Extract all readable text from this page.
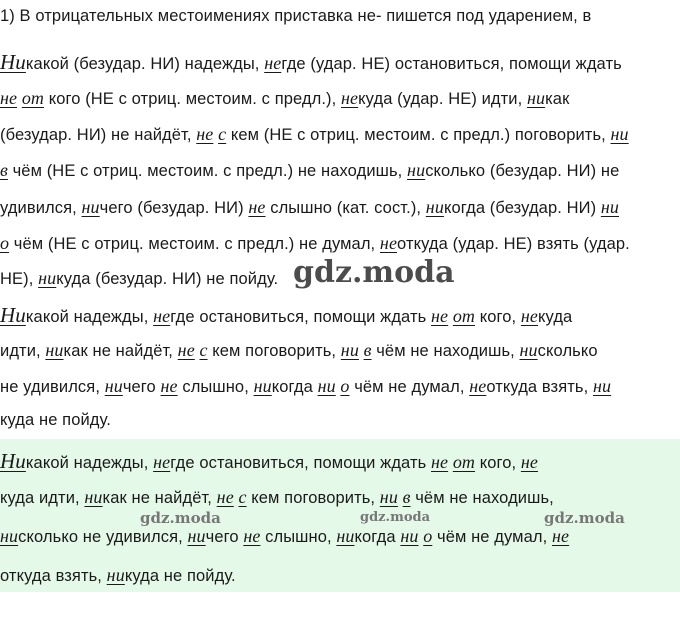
1) В отрицательных местоимениях приставка не- пишется под ударением, в
Никакой (безудар. НИ) надежды, негде (удар. НЕ) остановиться, помощи ждать
не от кого (НЕ с отриц. местоим. с предл.), некуда (удар. НЕ) идти, никак
(безудар. НИ) не найдёт, не с кем (НЕ с отриц. местоим. с предл.) поговорить, ни
в чём (НЕ с отриц. местоим. с предл.) не находишь, нисколько (безудар. НИ) не
удивился, ничего (безудар. НИ) не слышно (кат. сост.), никогда (безудар. НИ) ни
о чём (НЕ с отриц. местоим. с предл.) не думал, неоткуда (удар. НЕ) взять (удар.
НЕ), никуда (безудар. НИ) не пойду. gdz.moda
Никакой надежды, негде остановиться, помощи ждать не от кого, некуда
идти, никак не найдёт, не с кем поговорить, ни в чём не находишь, нисколько
не удивился, ничего не слышно, никогда ни о чём не думал, неоткуда взять, ни
куда не пойду.
Никакой надежды, негде остановиться, помощи ждать не от кого, не
куда идти, никак не найдёт, не с кем поговорить, ни в чём не находишь,
нисколько не удивился, ничего не слышно, никогда ни о чём не думал, не
откуда взять, никуда не пойду.
gdz.moda	gdz.moda	gdz.moda
